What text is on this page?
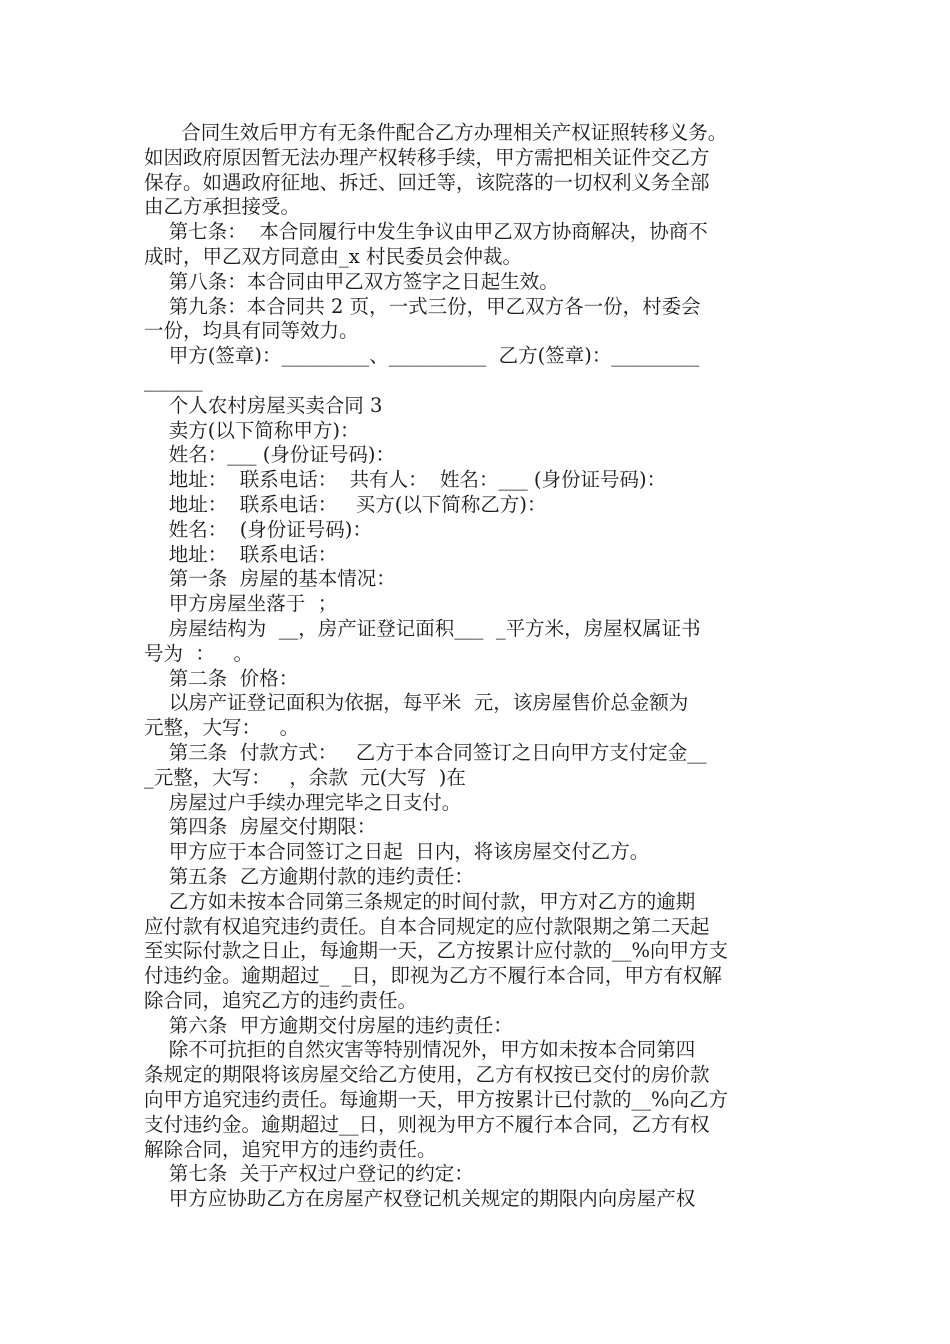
合同生效后甲方有无条件配合乙方办理相关产权证照转移义务。
如因政府原因暂无法办理产权转移手续，甲方需把相关证件交乙方
保存。如遇政府征地、拆迁、回迁等，该院落的一切权利义务全部
由乙方承担接受。
第七条：  本合同履行中发生争议由甲乙双方协商解决，协商不
成时，甲乙双方同意由_x 村民委员会仲裁。
第八条：本合同由甲乙双方签字之日起生效。
第九条：本合同共 2 页，一式三份，甲乙双方各一份，村委会
一份，均具有同等效力。
甲方(签章)：_________、__________  乙方(签章)：_________
______
个人农村房屋买卖合同 3
卖方(以下简称甲方)：
姓名：___ (身份证号码)：
地址：  联系电话：  共有人：  姓名：___ (身份证号码)：
地址：  联系电话：   买方(以下简称乙方)：
姓名：  (身份证号码)：
地址：  联系电话：
第一条  房屋的基本情况：
甲方房屋坐落于  ；
房屋结构为  __，房产证登记面积___  _平方米，房屋权属证书
号为  ：   。
第二条  价格：
以房产证登记面积为依据，每平米  元，该房屋售价总金额为
元整，大写：   。
第三条  付款方式：   乙方于本合同签订之日向甲方支付定金__
_元整，大写：   ，余款  元(大写  )在
房屋过户手续办理完毕之日支付。
第四条  房屋交付期限：
甲方应于本合同签订之日起  日内，将该房屋交付乙方。
第五条  乙方逾期付款的违约责任：
乙方如未按本合同第三条规定的时间付款，甲方对乙方的逾期
应付款有权追究违约责任。自本合同规定的应付款限期之第二天起
至实际付款之日止，每逾期一天，乙方按累计应付款的__%向甲方支
付违约金。逾期超过_  _日，即视为乙方不履行本合同，甲方有权解
除合同，追究乙方的违约责任。
第六条  甲方逾期交付房屋的违约责任：
除不可抗拒的自然灾害等特别情况外，甲方如未按本合同第四
条规定的期限将该房屋交给乙方使用，乙方有权按已交付的房价款
向甲方追究违约责任。每逾期一天，甲方按累计已付款的__%向乙方
支付违约金。逾期超过__日，则视为甲方不履行本合同，乙方有权
解除合同，追究甲方的违约责任。
第七条  关于产权过户登记的约定：
甲方应协助乙方在房屋产权登记机关规定的期限内向房屋产权
